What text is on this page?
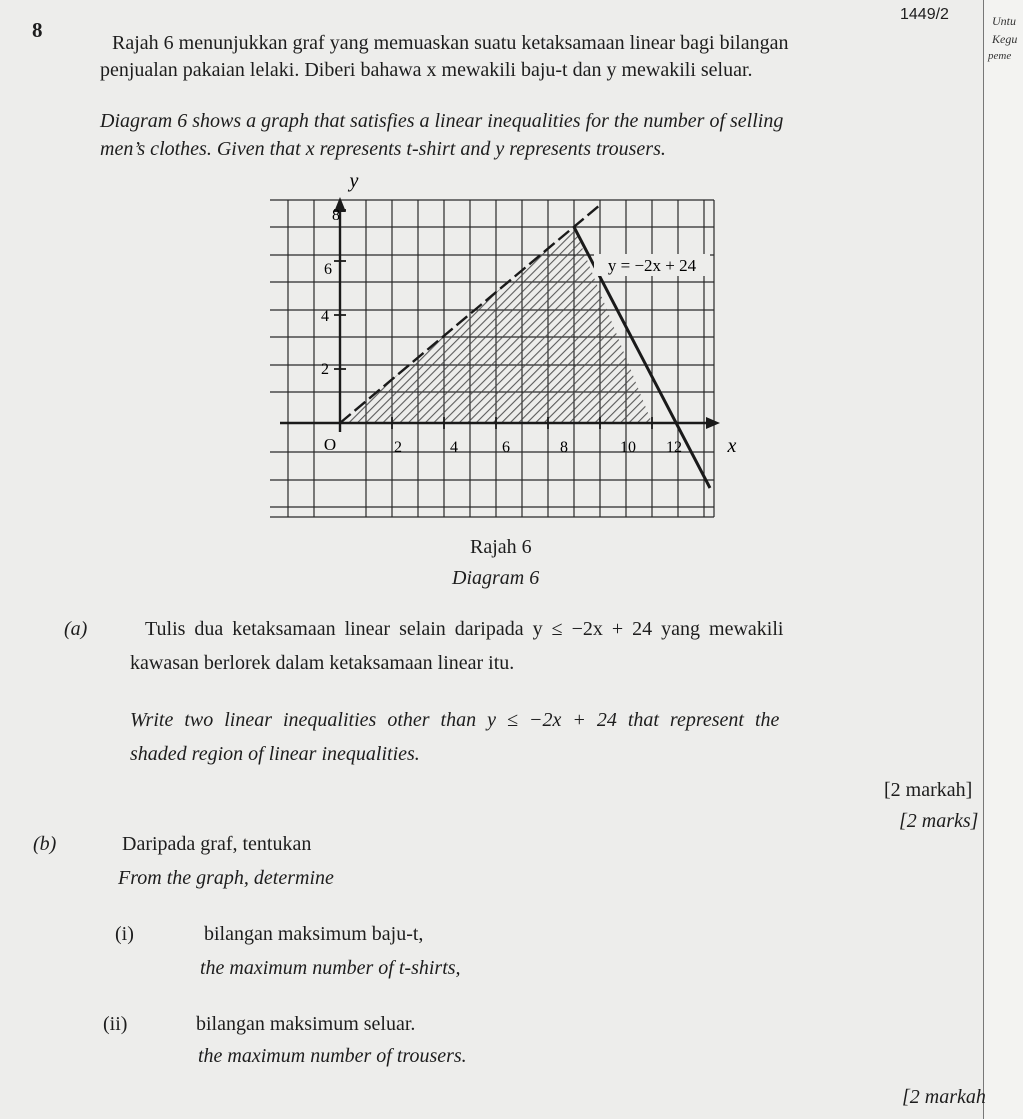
1449/2	Untu
Kegu
peme
8
Rajah 6 menunjukkan graf yang memuaskan suatu ketaksamaan linear bagi bilangan
penjualan pakaian lelaki. Diberi bahawa x mewakili baju-t dan y mewakili seluar.
Diagram 6 shows a graph that satisfies a linear inequalities for the number of selling
men’s clothes. Given that x represents t-shirt and y represents trousers.
2	4	6	8	10 12
2
4
6
8
O	x
y
y = −2x + 24
Rajah 6
Diagram 6
(a)	Tulis dua ketaksamaan linear selain daripada y ≤ −2x + 24 yang mewakili
kawasan berlorek dalam ketaksamaan linear itu.
Write two linear inequalities other than y ≤ −2x + 24 that represent the
shaded region of linear inequalities.
[2 markah]
[2 marks]
(b)	Daripada graf, tentukan
From the graph, determine
(i)	bilangan maksimum baju-t,
the maximum number of t-shirts,
(ii)	bilangan maksimum seluar.
the maximum number of trousers.
[2 markah
